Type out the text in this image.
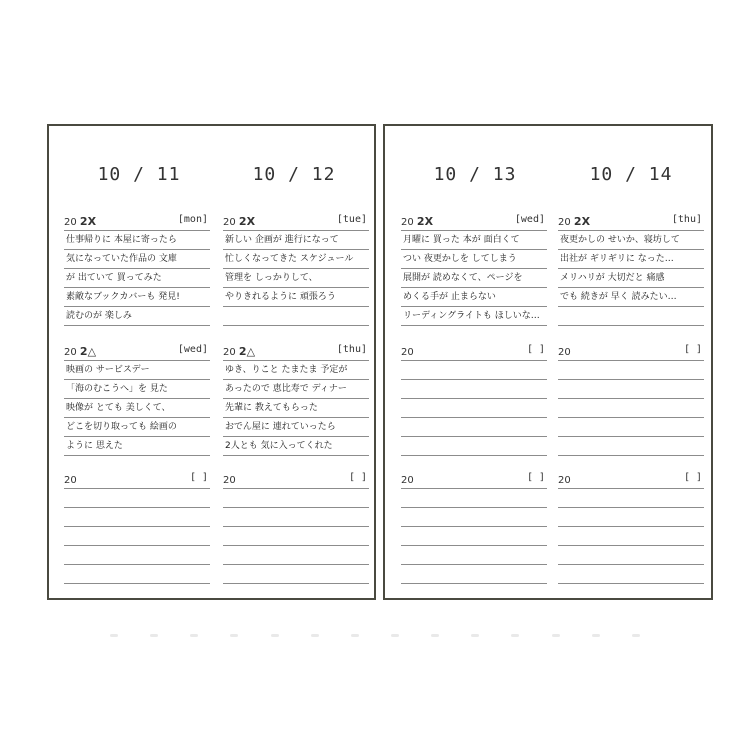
10 / 11
20 2X	[mon]
仕事帰りに 本屋に寄ったら
気になっていた作品の 文庫
が 出ていて 買ってみた
素敵なブックカバーも 発見!
読むのが 楽しみ
20 2△	[wed]
映画の サービスデー
「海のむこうへ」を 見た
映像が とても 美しくて、
どこを切り取っても 絵画の
ように 思えた
20	[ ]
10 / 12
20 2X	[tue]
新しい 企画が 進行になって
忙しくなってきた スケジュール
管理を しっかりして、
やりきれるように 頑張ろう
20 2△	[thu]
ゆき、りこと たまたま 予定が
あったので 恵比寿で ディナー
先輩に 教えてもらった
おでん屋に 連れていったら
2人とも 気に入ってくれた
20	[ ]
10 / 13
20 2X	[wed]
月曜に 買った 本が 面白くて
つい 夜更かしを してしまう
展開が 読めなくて、ページを
めくる手が 止まらない
リーディングライトも ほしいな…
20	[ ]
20	[ ]
10 / 14
20 2X	[thu]
夜更かしの せいか、寝坊して
出社が ギリギリに なった…
メリハリが 大切だと 痛感
でも 続きが 早く 読みたい…
20	[ ]
20	[ ]
